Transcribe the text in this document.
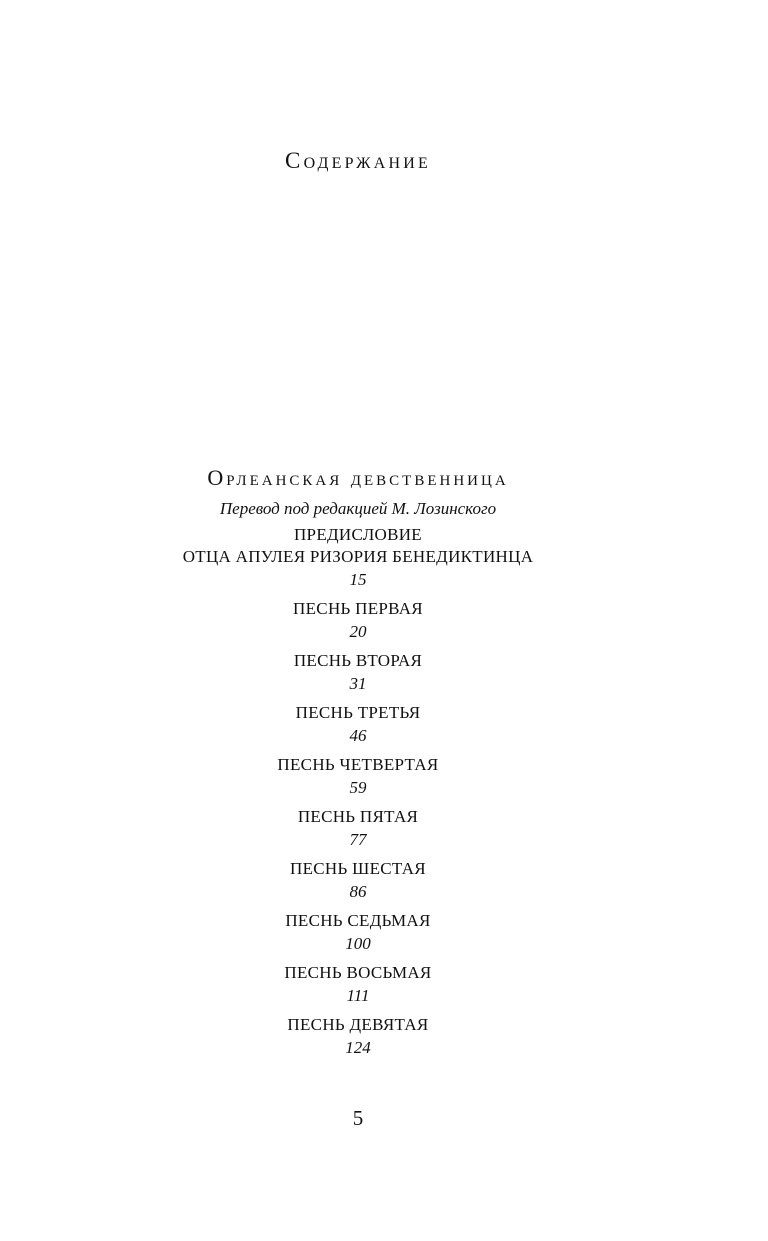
Содержание
Орлеанская девственница
Перевод под редакцией М. Лозинского
ПРЕДИСЛОВИЕ
ОТЦА АПУЛЕЯ РИЗОРИЯ БЕНЕДИКТИНЦА
15
ПЕСНЬ ПЕРВАЯ
20
ПЕСНЬ ВТОРАЯ
31
ПЕСНЬ ТРЕТЬЯ
46
ПЕСНЬ ЧЕТВЕРТАЯ
59
ПЕСНЬ ПЯТАЯ
77
ПЕСНЬ ШЕСТАЯ
86
ПЕСНЬ СЕДЬМАЯ
100
ПЕСНЬ ВОСЬМАЯ
111
ПЕСНЬ ДЕВЯТАЯ
124
5
